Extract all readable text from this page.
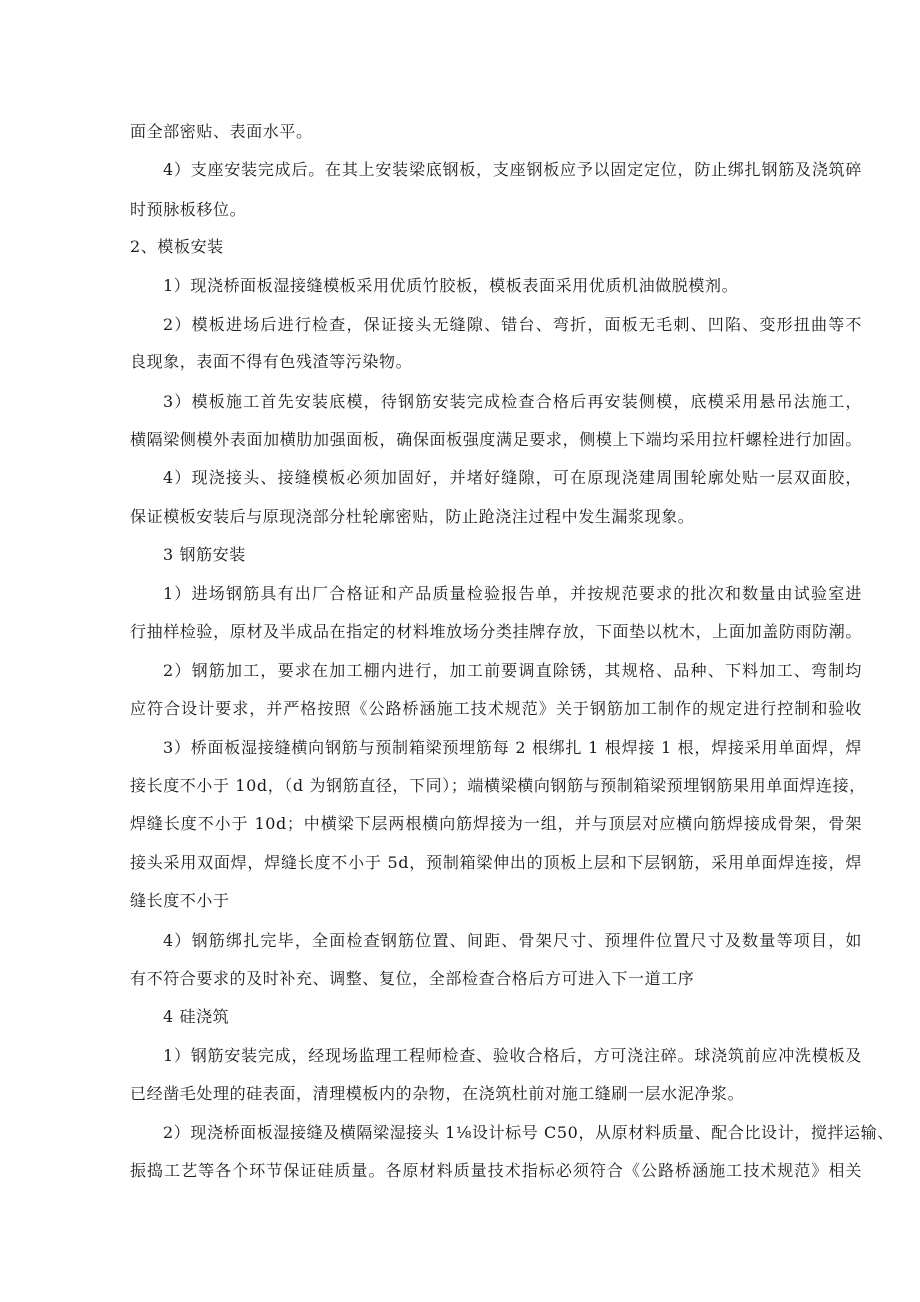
面全部密贴、表面水平。
4）支座安装完成后。在其上安装梁底钢板，支座钢板应予以固定定位，防止绑扎钢筋及浇筑碎
时预脉板移位。
2、模板安装
1）现浇桥面板湿接缝模板采用优质竹胶板，模板表面采用优质机油做脱模剂。
2）模板进场后进行检查，保证接头无缝隙、错台、弯折，面板无毛刺、凹陷、变形扭曲等不
良现象，表面不得有色残渣等污染物。
3）模板施工首先安装底模，待钢筋安装完成检查合格后再安装侧模，底模采用悬吊法施工，
横隔梁侧模外表面加横肋加强面板，确保面板强度满足要求，侧模上下端均采用拉杆螺栓进行加固。
4）现浇接头、接缝模板必须加固好，并堵好缝隙，可在原现浇建周围轮廓处贴一层双面胶，
保证模板安装后与原现浇部分杜轮廓密贴，防止跄浇注过程中发生漏浆现象。
3 钢筋安装
1）进场钢筋具有出厂合格证和产品质量检验报告单，并按规范要求的批次和数量由试验室进
行抽样检验，原材及半成品在指定的材料堆放场分类挂牌存放，下面垫以枕木，上面加盖防雨防潮。
2）钢筋加工，要求在加工棚内进行，加工前要调直除锈，其规格、品种、下料加工、弯制均
应符合设计要求，并严格按照《公路桥涵施工技术规范》关于钢筋加工制作的规定进行控制和验收
3）桥面板湿接缝横向钢筋与预制箱梁预埋筋每 2 根绑扎 1 根焊接 1 根，焊接采用单面焊，焊
接长度不小于 10d，（d 为钢筋直径，下同）；端横梁横向钢筋与预制箱梁预埋钢筋果用单面焊连接，
焊缝长度不小于 10d；中横梁下层两根横向筋焊接为一组，并与顶层对应横向筋焊接成骨架，骨架
接头采用双面焊，焊缝长度不小于 5d，预制箱梁伸出的顶板上层和下层钢筋，采用单面焊连接，焊
缝长度不小于
4）钢筋绑扎完毕，全面检查钢筋位置、间距、骨架尺寸、预埋件位置尺寸及数量等项目，如
有不符合要求的及时补充、调整、复位，全部检查合格后方可进入下一道工序
4 硅浇筑
1）钢筋安装完成，经现场监理工程师检查、验收合格后，方可浇注碎。球浇筑前应冲洗模板及
已经凿毛处理的硅表面，清理模板内的杂物，在浇筑杜前对施工缝刷一层水泥净浆。
2）现浇桥面板湿接缝及横隔梁湿接头 1⅛设计标号 C50，从原材料质量、配合比设计，搅拌运输、
振捣工艺等各个环节保证硅质量。各原材料质量技术指标必须符合《公路桥涵施工技术规范》相关
